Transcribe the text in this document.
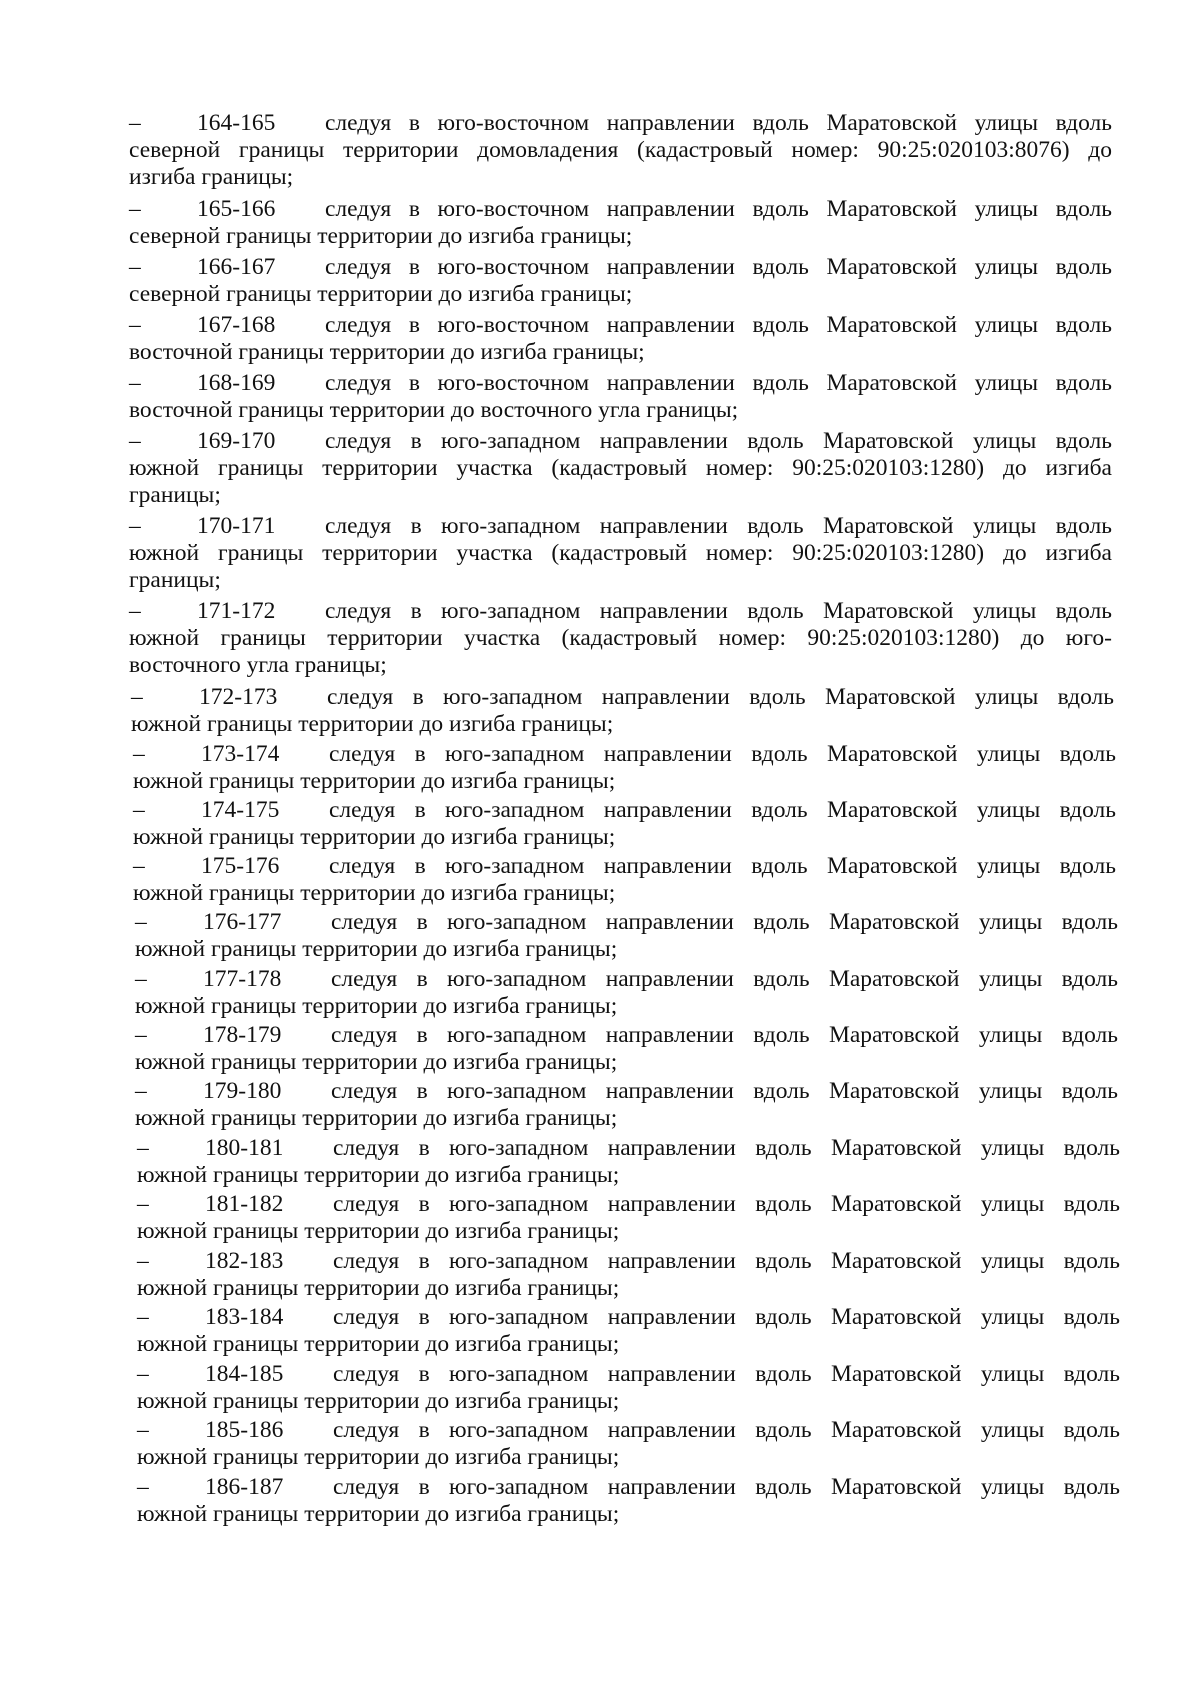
– 164-165 следуя в юго-восточном направлении вдоль Маратовской улицы вдоль
северной границы территории домовладения (кадастровый номер: 90:25:020103:8076) до
изгиба границы;
– 165-166 следуя в юго-восточном направлении вдоль Маратовской улицы вдоль
северной границы территории до изгиба границы;
– 166-167 следуя в юго-восточном направлении вдоль Маратовской улицы вдоль
северной границы территории до изгиба границы;
– 167-168 следуя в юго-восточном направлении вдоль Маратовской улицы вдоль
восточной границы территории до изгиба границы;
– 168-169 следуя в юго-восточном направлении вдоль Маратовской улицы вдоль
восточной границы территории до восточного угла границы;
– 169-170 следуя в юго-западном направлении вдоль Маратовской улицы вдоль
южной границы территории участка (кадастровый номер: 90:25:020103:1280) до изгиба
границы;
– 170-171 следуя в юго-западном направлении вдоль Маратовской улицы вдоль
южной границы территории участка (кадастровый номер: 90:25:020103:1280) до изгиба
границы;
– 171-172 следуя в юго-западном направлении вдоль Маратовской улицы вдоль
южной границы территории участка (кадастровый номер: 90:25:020103:1280) до юго-
восточного угла границы;
– 172-173 следуя в юго-западном направлении вдоль Маратовской улицы вдоль
южной границы территории до изгиба границы;
– 173-174 следуя в юго-западном направлении вдоль Маратовской улицы вдоль
южной границы территории до изгиба границы;
– 174-175 следуя в юго-западном направлении вдоль Маратовской улицы вдоль
южной границы территории до изгиба границы;
– 175-176 следуя в юго-западном направлении вдоль Маратовской улицы вдоль
южной границы территории до изгиба границы;
– 176-177 следуя в юго-западном направлении вдоль Маратовской улицы вдоль
южной границы территории до изгиба границы;
– 177-178 следуя в юго-западном направлении вдоль Маратовской улицы вдоль
южной границы территории до изгиба границы;
– 178-179 следуя в юго-западном направлении вдоль Маратовской улицы вдоль
южной границы территории до изгиба границы;
– 179-180 следуя в юго-западном направлении вдоль Маратовской улицы вдоль
южной границы территории до изгиба границы;
– 180-181 следуя в юго-западном направлении вдоль Маратовской улицы вдоль
южной границы территории до изгиба границы;
– 181-182 следуя в юго-западном направлении вдоль Маратовской улицы вдоль
южной границы территории до изгиба границы;
– 182-183 следуя в юго-западном направлении вдоль Маратовской улицы вдоль
южной границы территории до изгиба границы;
– 183-184 следуя в юго-западном направлении вдоль Маратовской улицы вдоль
южной границы территории до изгиба границы;
– 184-185 следуя в юго-западном направлении вдоль Маратовской улицы вдоль
южной границы территории до изгиба границы;
– 185-186 следуя в юго-западном направлении вдоль Маратовской улицы вдоль
южной границы территории до изгиба границы;
– 186-187 следуя в юго-западном направлении вдоль Маратовской улицы вдоль
южной границы территории до изгиба границы;
